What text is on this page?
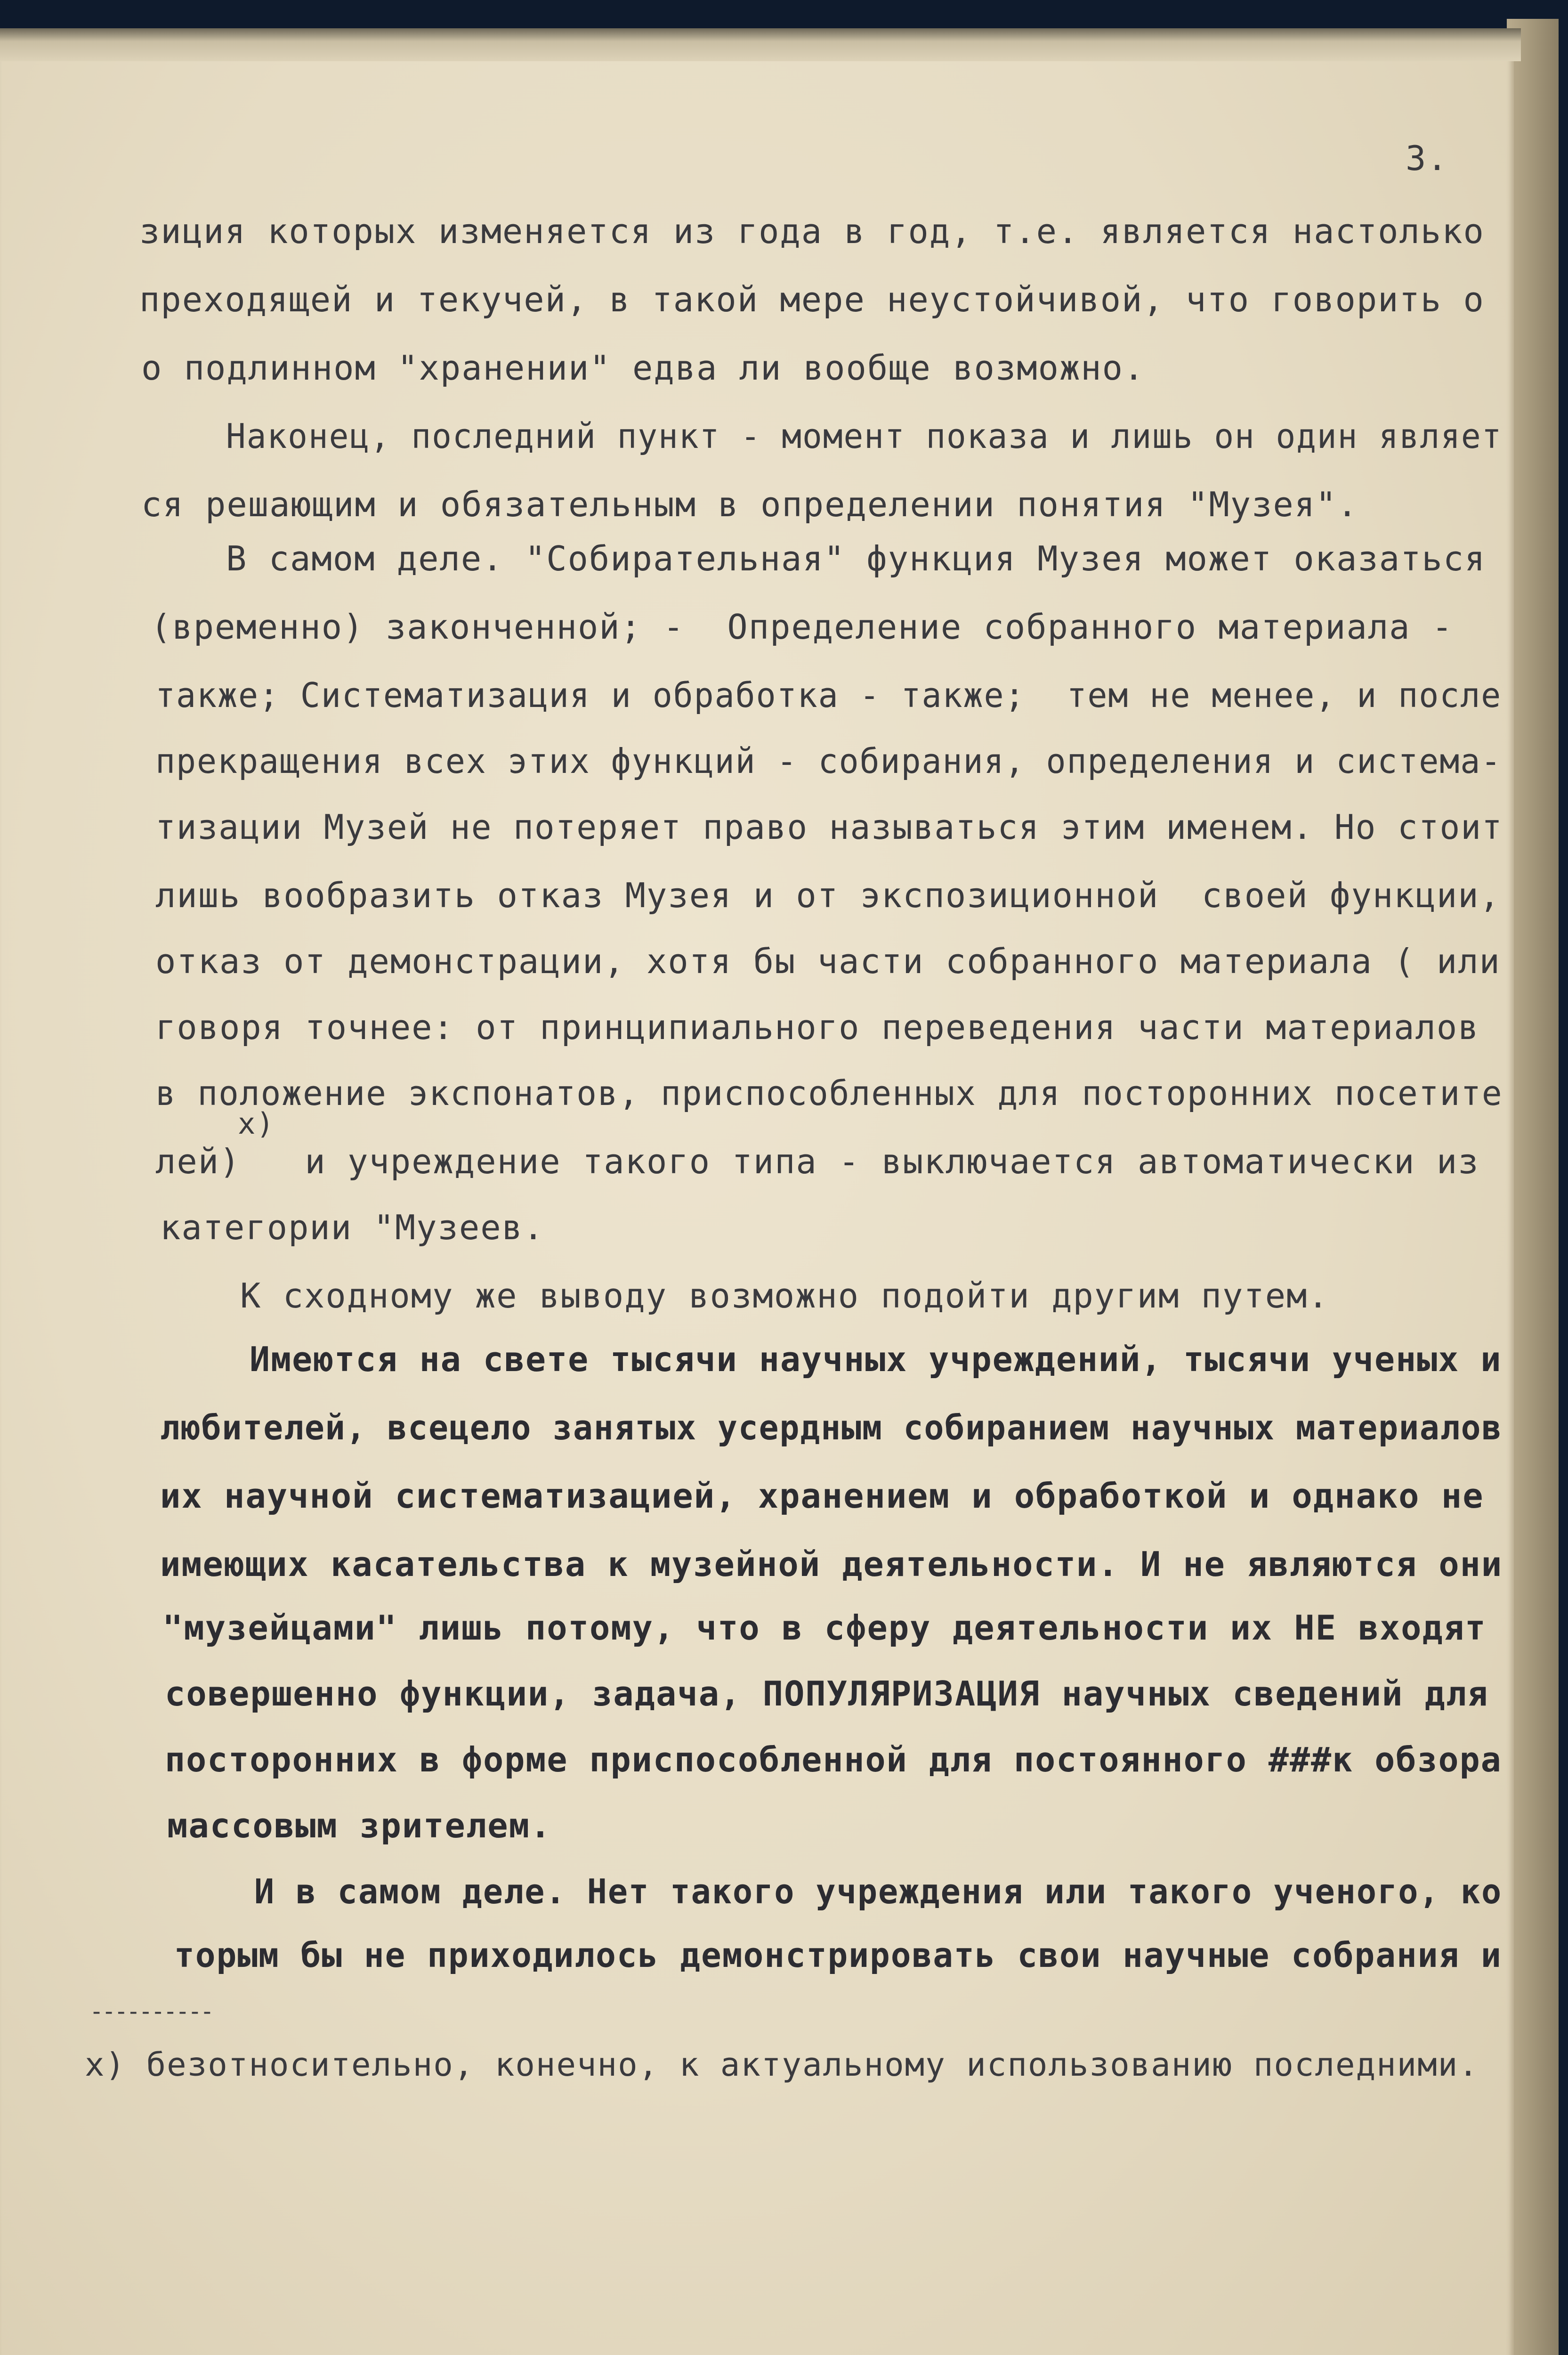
3.
зиция которых изменяется из года в год, т.е. является настолько
преходящей и текучей, в такой мере неустойчивой, что говорить о
о подлинном "хранении" едва ли вообще возможно.
Наконец, последний пункт - момент показа и лишь он один являет
ся решающим и обязательным в определении понятия "Музея".
В самом деле. "Собирательная" функция Музея может оказаться
(временно) законченной; -  Определение собранного материала -
также; Систематизация и обработка - также;  тем не менее, и после
прекращения всех этих функций - собирания, определения и система-
тизации Музей не потеряет право называться этим именем. Но стоит
лишь вообразить отказ Музея и от экспозиционной  своей функции,
отказ от демонстрации, хотя бы части собранного материала ( или
говоря точнее: от принципиального переведения части материалов
в положение экспонатов, приспособленных для посторонних посетите
х)
лей)   и учреждение такого типа - выключается автоматически из
категории "Музеев.
К сходному же выводу возможно подойти другим путем.
Имеются на свете тысячи научных учреждений, тысячи ученых и
любителей, всецело занятых усердным собиранием научных материалов
их научной систематизацией, хранением и обработкой и однако не
имеющих касательства к музейной деятельности. И не являются они
"музейцами" лишь потому, что в сферу деятельности их НЕ входят
совершенно функции, задача, ПОПУЛЯРИЗАЦИЯ научных сведений для
посторонних в форме приспособленной для постоянного ###к обзора
массовым зрителем.
И в самом деле. Нет такого учреждения или такого ученого, ко
торым бы не приходилось демонстрировать свои научные собрания и
----------
х) безотносительно, конечно, к актуальному использованию последними.
